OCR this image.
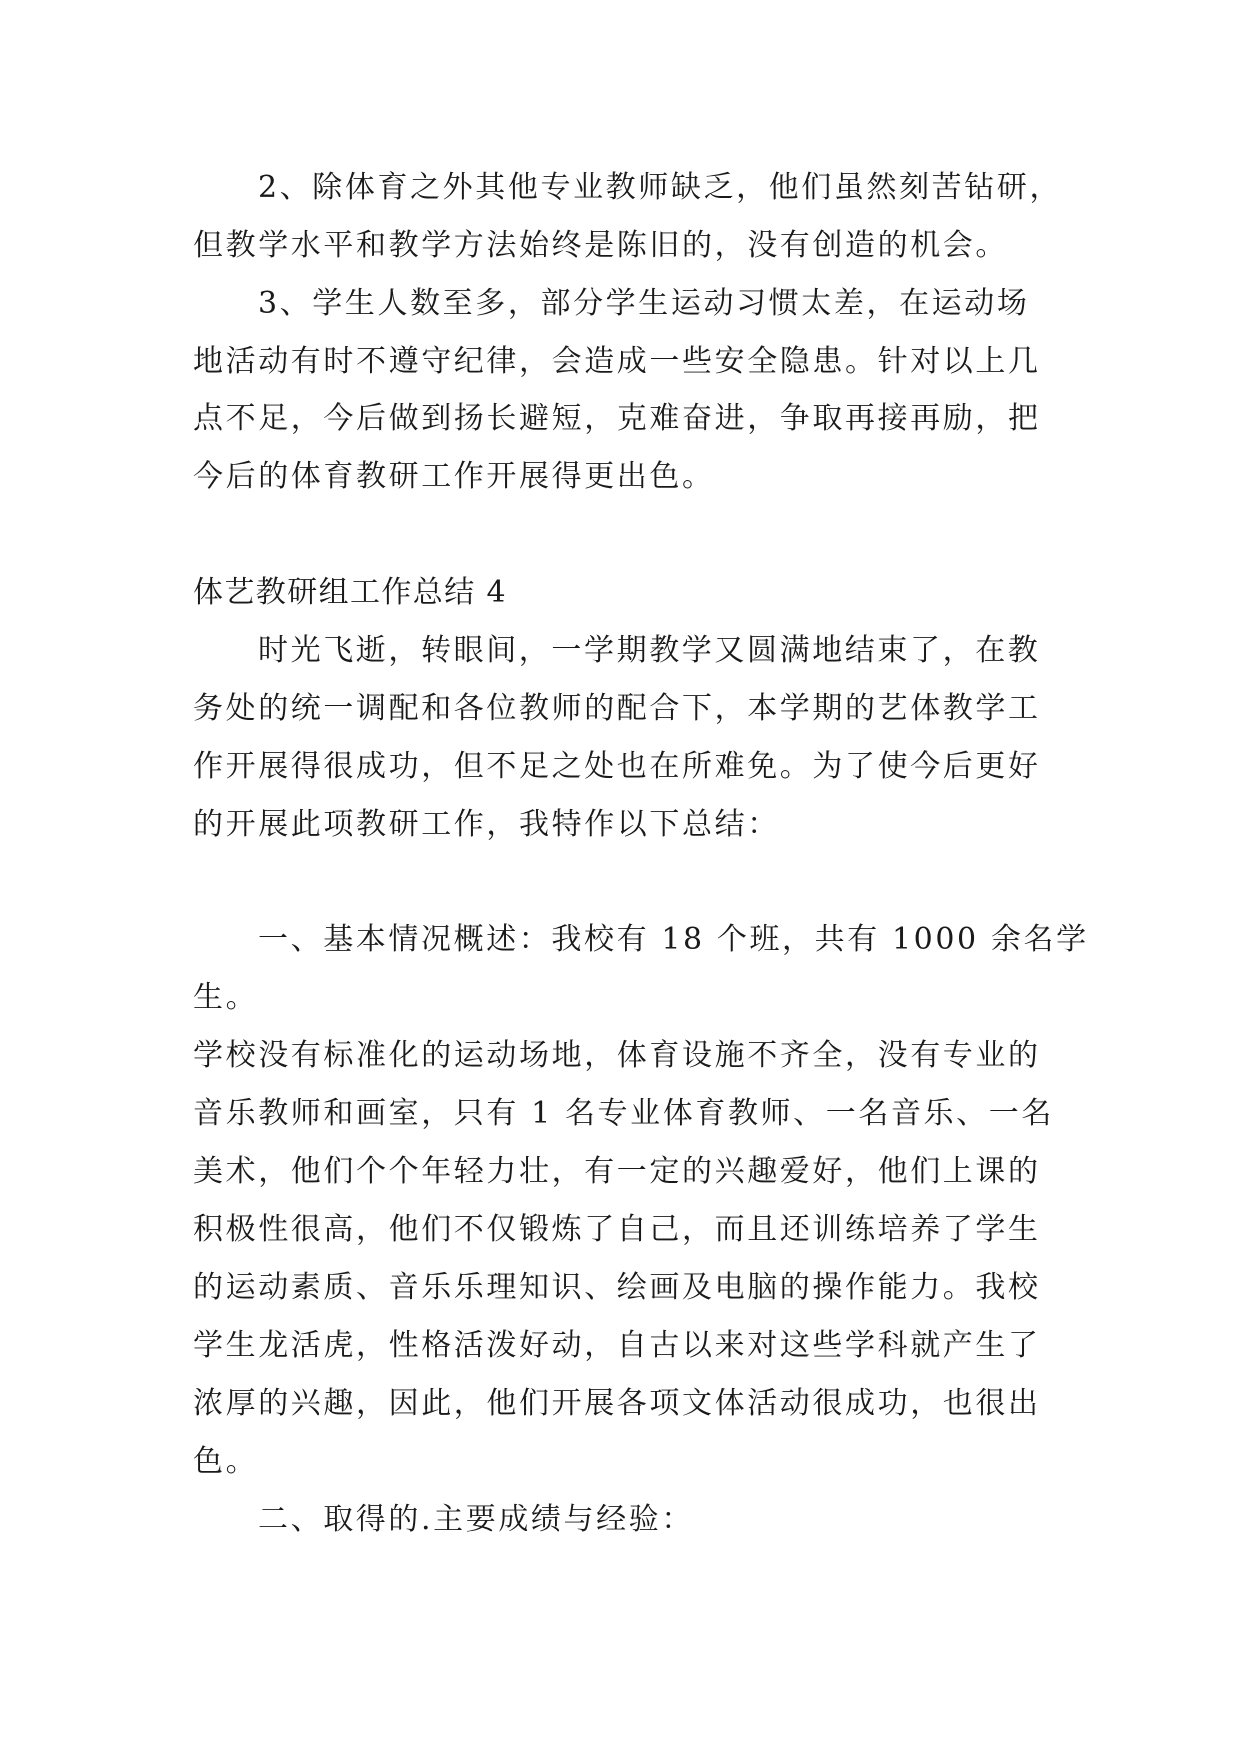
2、除体育之外其他专业教师缺乏，他们虽然刻苦钻研，
但教学水平和教学方法始终是陈旧的，没有创造的机会。
3、学生人数至多，部分学生运动习惯太差，在运动场
地活动有时不遵守纪律，会造成一些安全隐患。针对以上几
点不足，今后做到扬长避短，克难奋进，争取再接再励，把
今后的体育教研工作开展得更出色。
体艺教研组工作总结 4
时光飞逝，转眼间，一学期教学又圆满地结束了，在教
务处的统一调配和各位教师的配合下，本学期的艺体教学工
作开展得很成功，但不足之处也在所难免。为了使今后更好
的开展此项教研工作，我特作以下总结：
一、基本情况概述：我校有 18 个班，共有 1000 余名学
生。
学校没有标准化的运动场地，体育设施不齐全，没有专业的
音乐教师和画室，只有 1 名专业体育教师、一名音乐、一名
美术，他们个个年轻力壮，有一定的兴趣爱好，他们上课的
积极性很高，他们不仅锻炼了自己，而且还训练培养了学生
的运动素质、音乐乐理知识、绘画及电脑的操作能力。我校
学生龙活虎，性格活泼好动，自古以来对这些学科就产生了
浓厚的兴趣，因此，他们开展各项文体活动很成功，也很出
色。
二、取得的.主要成绩与经验：
